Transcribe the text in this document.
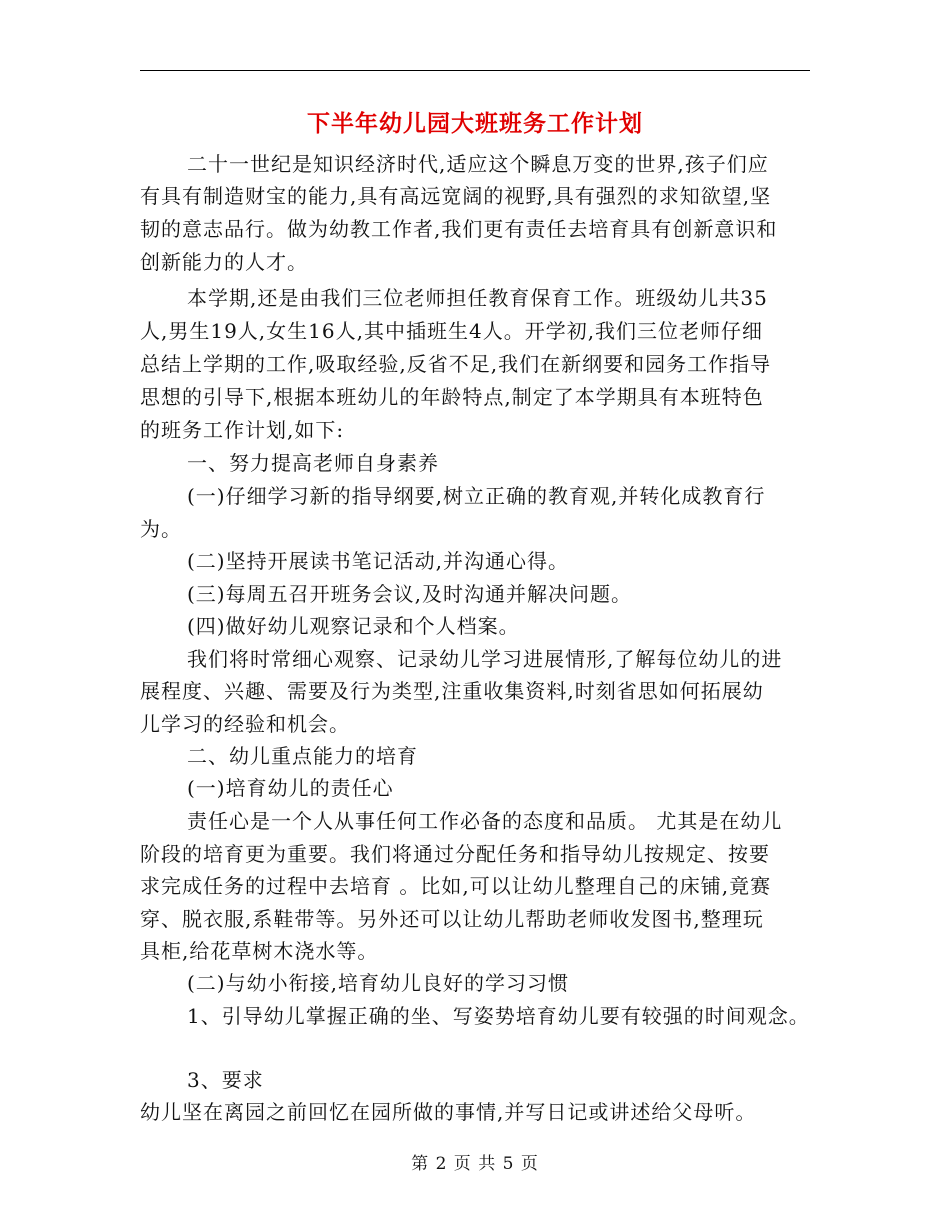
下半年幼儿园大班班务工作计划
二十一世纪是知识经济时代,适应这个瞬息万变的世界,孩子们应
有具有制造财宝的能力,具有高远宽阔的视野,具有强烈的求知欲望,坚
韧的意志品行。做为幼教工作者,我们更有责任去培育具有创新意识和
创新能力的人才。
本学期,还是由我们三位老师担任教育保育工作。班级幼儿共35
人,男生19人,女生16人,其中插班生4人。开学初,我们三位老师仔细
总结上学期的工作,吸取经验,反省不足,我们在新纲要和园务工作指导
思想的引导下,根据本班幼儿的年龄特点,制定了本学期具有本班特色
的班务工作计划,如下:
一、努力提高老师自身素养
(一)仔细学习新的指导纲要,树立正确的教育观,并转化成教育行
为。
(二)坚持开展读书笔记活动,并沟通心得。
(三)每周五召开班务会议,及时沟通并解决问题。
(四)做好幼儿观察记录和个人档案。
我们将时常细心观察、记录幼儿学习进展情形,了解每位幼儿的进
展程度、兴趣、需要及行为类型,注重收集资料,时刻省思如何拓展幼
儿学习的经验和机会。
二、幼儿重点能力的培育
(一)培育幼儿的责任心
责任心是一个人从事任何工作必备的态度和品质。 尤其是在幼儿
阶段的培育更为重要。我们将通过分配任务和指导幼儿按规定、按要
求完成任务的过程中去培育 。比如,可以让幼儿整理自己的床铺,竟赛
穿、脱衣服,系鞋带等。另外还可以让幼儿帮助老师收发图书,整理玩
具柜,给花草树木浇水等。
(二)与幼小衔接,培育幼儿良好的学习习惯
1、引导幼儿掌握正确的坐、写姿势培育幼儿要有较强的时间观念。
3、要求
幼儿坚在离园之前回忆在园所做的事情,并写日记或讲述给父母听。
第 2 页 共 5 页
